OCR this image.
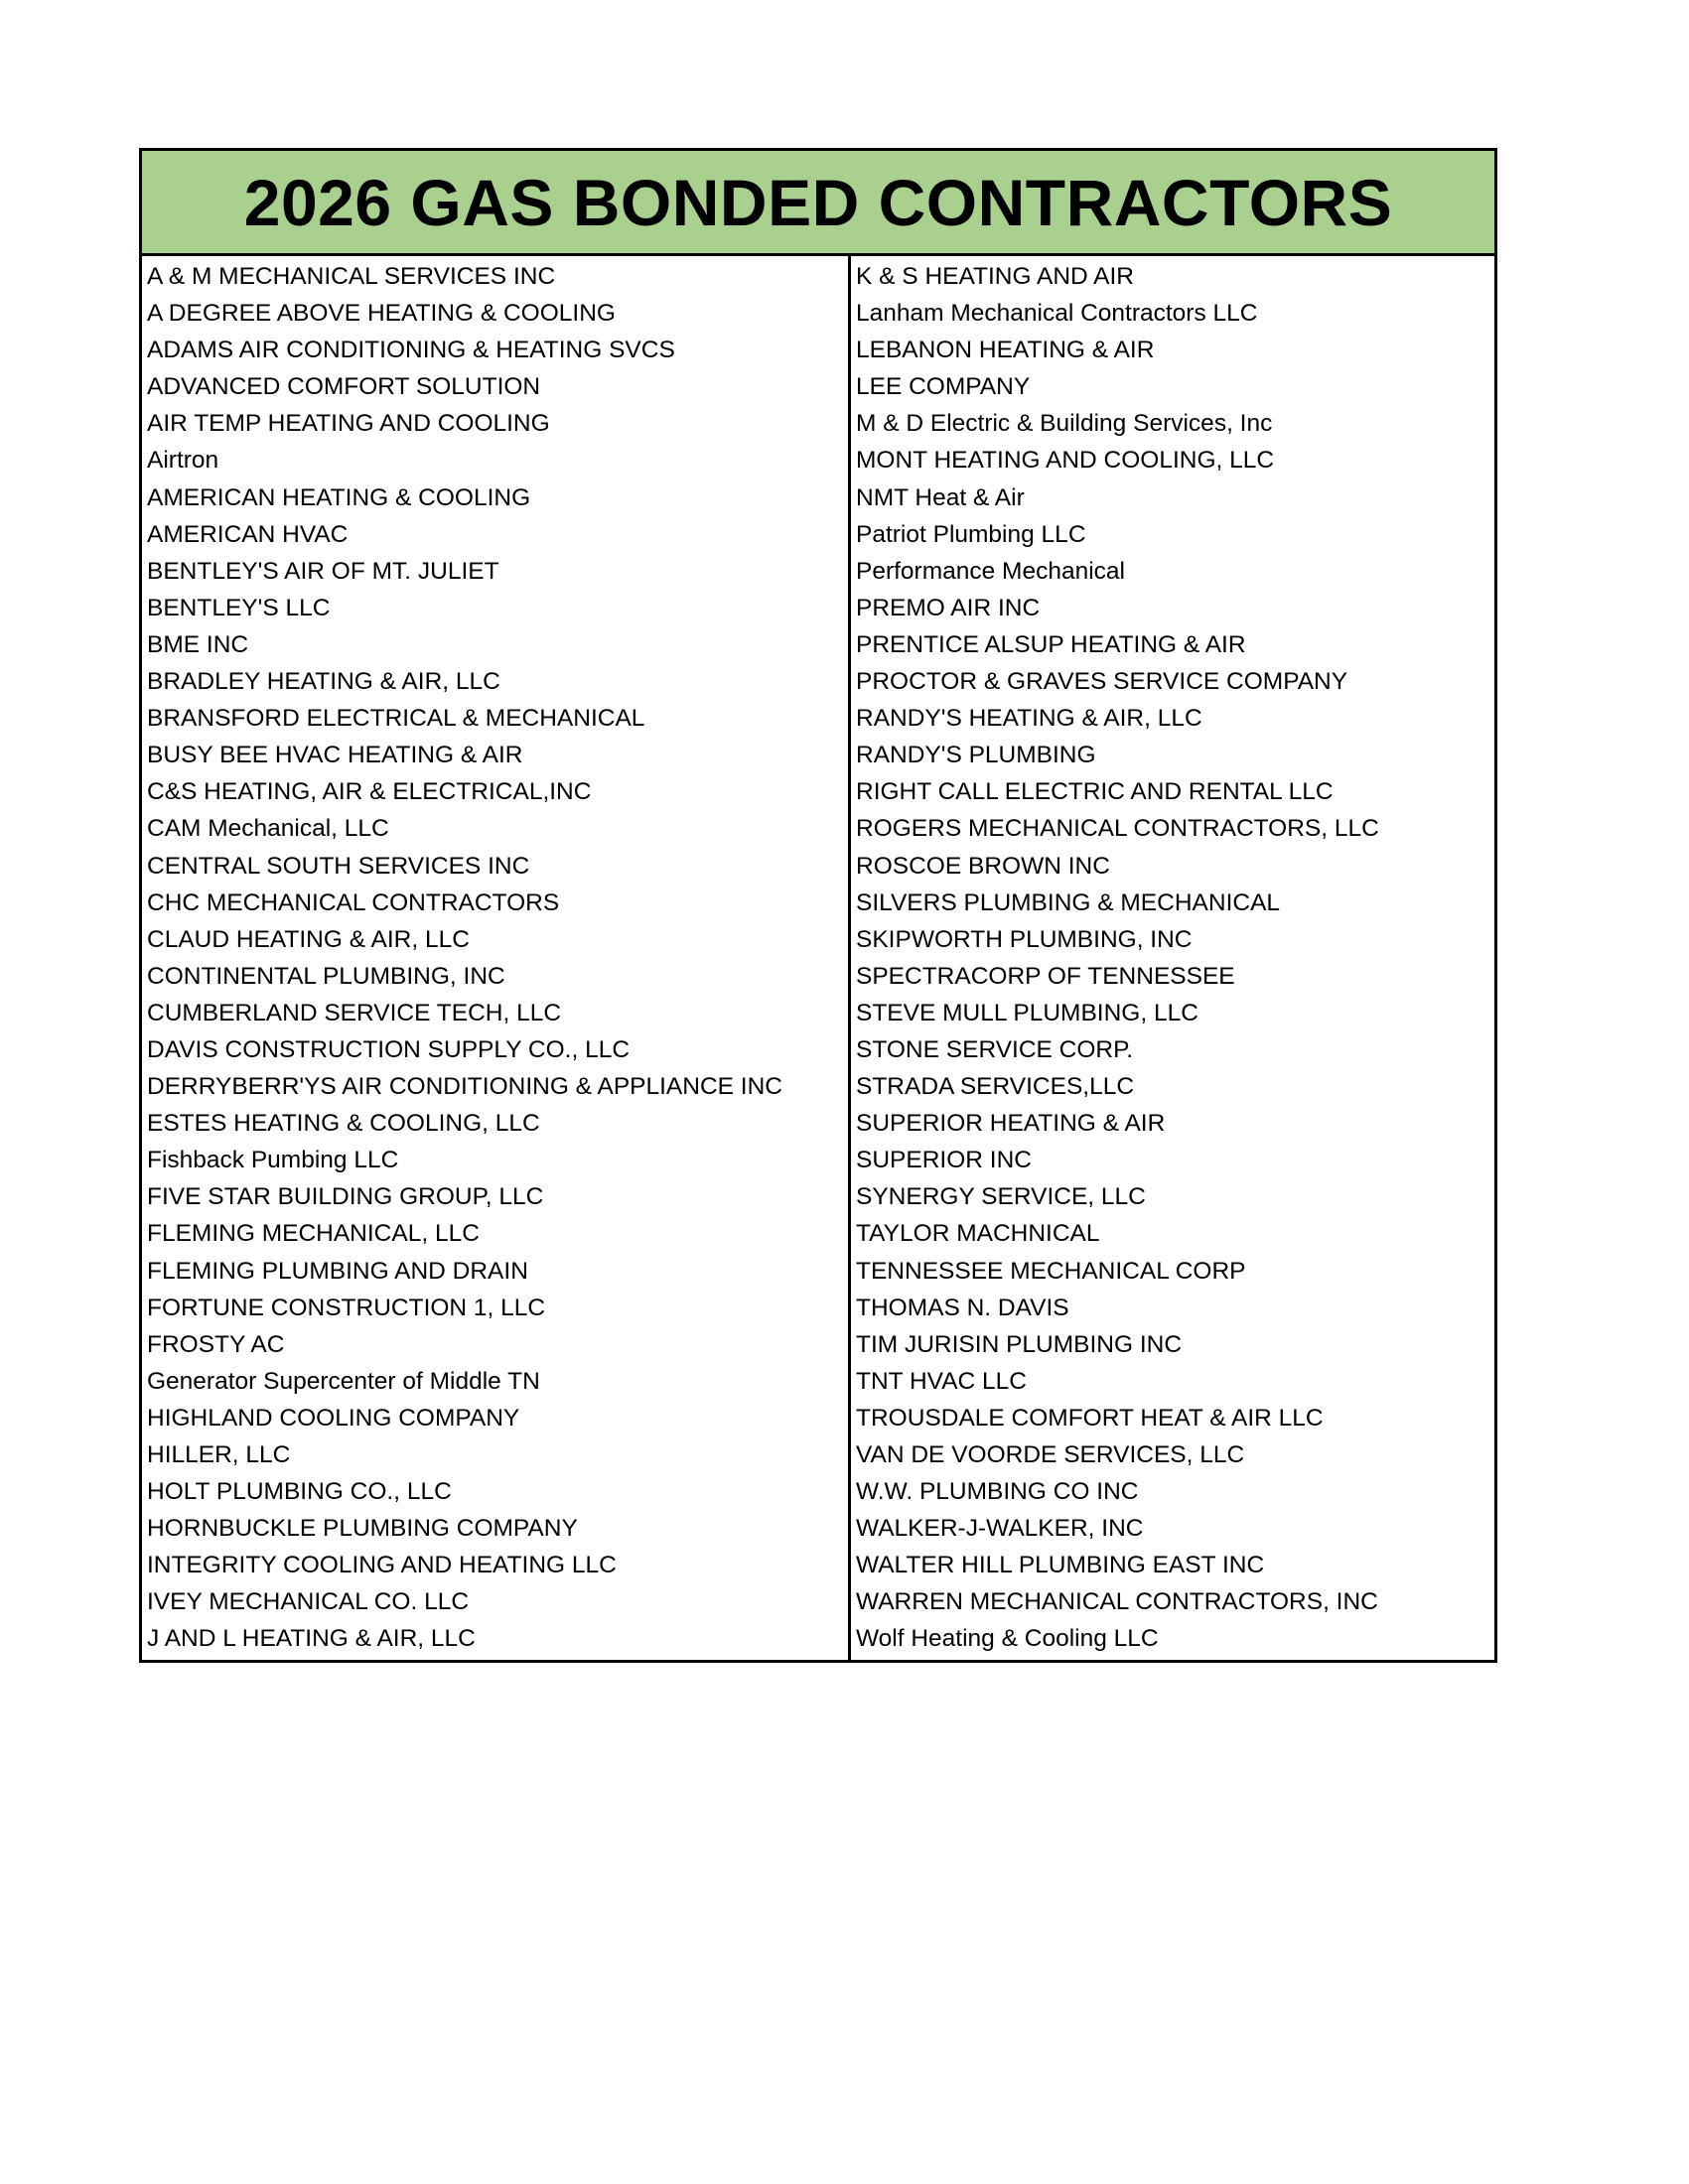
2026 GAS BONDED CONTRACTORS
A & M MECHANICAL SERVICES INC
A DEGREE ABOVE HEATING & COOLING
ADAMS AIR CONDITIONING & HEATING SVCS
ADVANCED COMFORT SOLUTION
AIR TEMP HEATING AND COOLING
Airtron
AMERICAN HEATING & COOLING
AMERICAN HVAC
BENTLEY'S AIR OF MT. JULIET
BENTLEY'S LLC
BME INC
BRADLEY HEATING & AIR, LLC
BRANSFORD ELECTRICAL & MECHANICAL
BUSY BEE HVAC HEATING & AIR
C&S HEATING, AIR & ELECTRICAL,INC
CAM Mechanical, LLC
CENTRAL SOUTH SERVICES INC
CHC MECHANICAL CONTRACTORS
CLAUD HEATING & AIR, LLC
CONTINENTAL PLUMBING, INC
CUMBERLAND SERVICE TECH, LLC
DAVIS CONSTRUCTION SUPPLY CO., LLC
DERRYBERR'YS AIR CONDITIONING & APPLIANCE INC
ESTES HEATING & COOLING, LLC
Fishback Pumbing LLC
FIVE STAR BUILDING GROUP, LLC
FLEMING MECHANICAL, LLC
FLEMING PLUMBING AND DRAIN
FORTUNE CONSTRUCTION 1, LLC
FROSTY AC
Generator Supercenter of Middle TN
HIGHLAND COOLING COMPANY
HILLER, LLC
HOLT PLUMBING CO., LLC
HORNBUCKLE PLUMBING COMPANY
INTEGRITY COOLING AND HEATING LLC
IVEY MECHANICAL CO. LLC
J AND L HEATING & AIR, LLC
K & S HEATING AND AIR
Lanham Mechanical Contractors LLC
LEBANON HEATING & AIR
LEE COMPANY
M & D Electric & Building Services, Inc
MONT HEATING AND COOLING, LLC
NMT Heat & Air
Patriot Plumbing LLC
Performance Mechanical
PREMO AIR INC
PRENTICE ALSUP HEATING & AIR
PROCTOR & GRAVES SERVICE COMPANY
RANDY'S HEATING & AIR, LLC
RANDY'S PLUMBING
RIGHT CALL ELECTRIC AND RENTAL LLC
ROGERS MECHANICAL CONTRACTORS, LLC
ROSCOE BROWN INC
SILVERS PLUMBING & MECHANICAL
SKIPWORTH PLUMBING, INC
SPECTRACORP OF TENNESSEE
STEVE MULL PLUMBING, LLC
STONE SERVICE CORP.
STRADA SERVICES,LLC
SUPERIOR HEATING & AIR
SUPERIOR INC
SYNERGY SERVICE, LLC
TAYLOR MACHNICAL
TENNESSEE MECHANICAL CORP
THOMAS N. DAVIS
TIM JURISIN PLUMBING INC
TNT HVAC LLC
TROUSDALE COMFORT HEAT & AIR LLC
VAN DE VOORDE SERVICES, LLC
W.W. PLUMBING CO INC
WALKER-J-WALKER, INC
WALTER HILL PLUMBING EAST INC
WARREN MECHANICAL CONTRACTORS, INC
Wolf Heating & Cooling LLC
